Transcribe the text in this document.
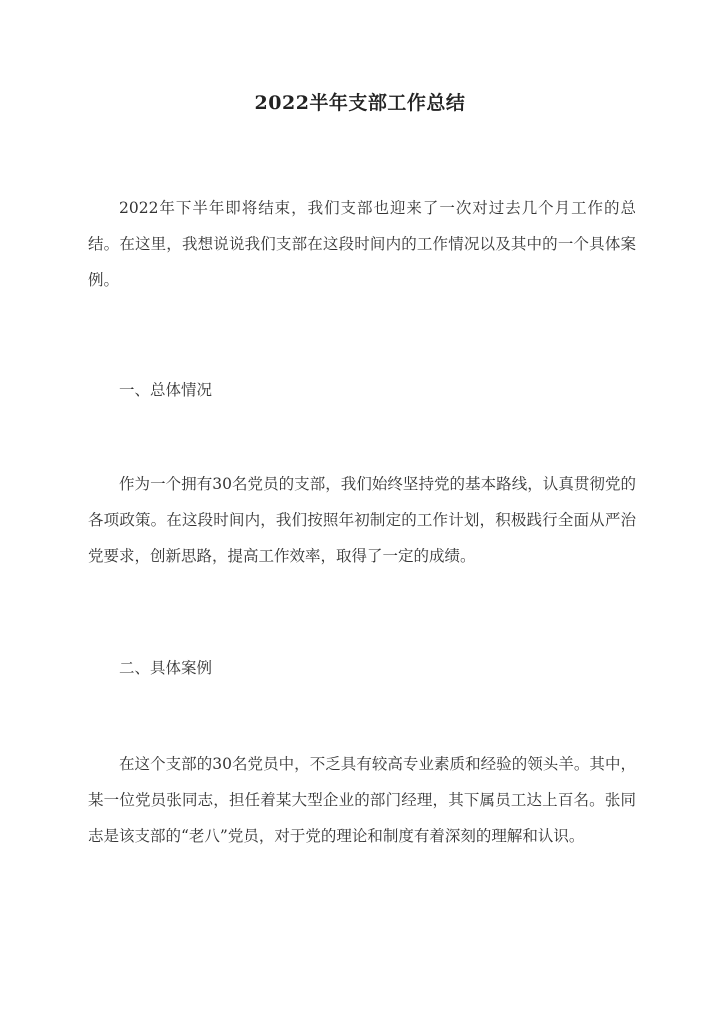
2022半年支部工作总结

2022年下半年即将结束，我们支部也迎来了一次对过去几个月工作的总结。在这里，我想说说我们支部在这段时间内的工作情况以及其中的一个具体案例。

一、总体情况

作为一个拥有30名党员的支部，我们始终坚持党的基本路线，认真贯彻党的各项政策。在这段时间内，我们按照年初制定的工作计划，积极践行全面从严治党要求，创新思路，提高工作效率，取得了一定的成绩。

二、具体案例

在这个支部的30名党员中，不乏具有较高专业素质和经验的领头羊。其中，某一位党员张同志，担任着某大型企业的部门经理，其下属员工达上百名。张同志是该支部的“老八”党员，对于党的理论和制度有着深刻的理解和认识。
